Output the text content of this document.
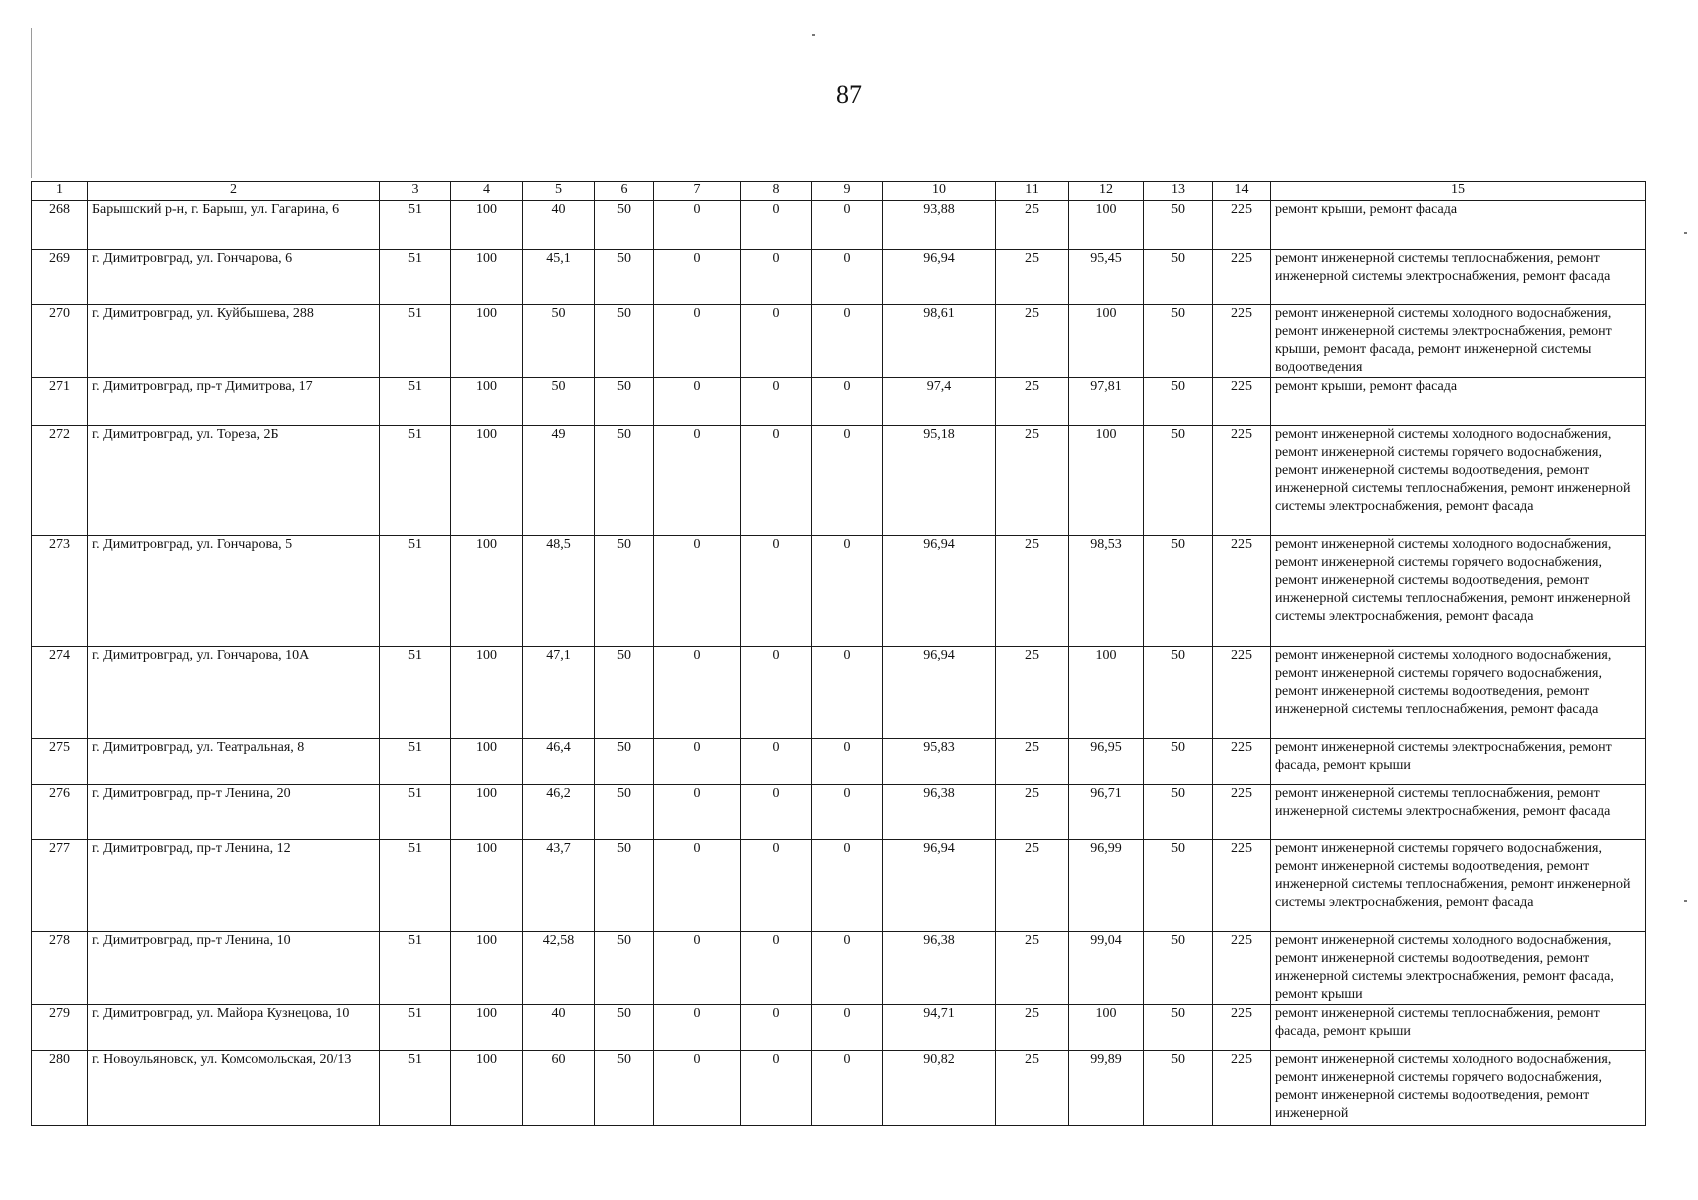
87
1	2	3	4	5	6	7	8	9	10	11	12	13	14	15
268	Барышский р-н, г. Барыш, ул. Гагарина, 6	51	100	40	50	0	0	0	93,88	25	100	50	225	ремонт крыши, ремонт фасада
269	г. Димитровград, ул. Гончарова, 6	51	100	45,1	50	0	0	0	96,94	25	95,45	50	225	ремонт инженерной системы теплоснабжения, ремонт инженерной системы электроснабжения, ремонт фасада
270	г. Димитровград, ул. Куйбышева, 288	51	100	50	50	0	0	0	98,61	25	100	50	225	ремонт инженерной системы холодного водоснабжения, ремонт инженерной системы электроснабжения, ремонт крыши, ремонт фасада, ремонт инженерной системы водоотведения
271	г. Димитровград, пр-т Димитрова, 17	51	100	50	50	0	0	0	97,4	25	97,81	50	225	ремонт крыши, ремонт фасада
272	г. Димитровград, ул. Тореза, 2Б	51	100	49	50	0	0	0	95,18	25	100	50	225	ремонт инженерной системы холодного водоснабжения, ремонт инженерной системы горячего водоснабжения, ремонт инженерной системы водоотведения, ремонт инженерной системы теплоснабжения, ремонт инженерной системы электроснабжения, ремонт фасада
273	г. Димитровград, ул. Гончарова, 5	51	100	48,5	50	0	0	0	96,94	25	98,53	50	225	ремонт инженерной системы холодного водоснабжения, ремонт инженерной системы горячего водоснабжения, ремонт инженерной системы водоотведения, ремонт инженерной системы теплоснабжения, ремонт инженерной системы электроснабжения, ремонт фасада
274	г. Димитровград, ул. Гончарова, 10А	51	100	47,1	50	0	0	0	96,94	25	100	50	225	ремонт инженерной системы холодного водоснабжения, ремонт инженерной системы горячего водоснабжения, ремонт инженерной системы водоотведения, ремонт инженерной системы теплоснабжения, ремонт фасада
275	г. Димитровград, ул. Театральная, 8	51	100	46,4	50	0	0	0	95,83	25	96,95	50	225	ремонт инженерной системы электроснабжения, ремонт фасада, ремонт крыши
276	г. Димитровград, пр-т Ленина, 20	51	100	46,2	50	0	0	0	96,38	25	96,71	50	225	ремонт инженерной системы теплоснабжения, ремонт инженерной системы электроснабжения, ремонт фасада
277	г. Димитровград, пр-т Ленина, 12	51	100	43,7	50	0	0	0	96,94	25	96,99	50	225	ремонт инженерной системы горячего водоснабжения, ремонт инженерной системы водоотведения, ремонт инженерной системы теплоснабжения, ремонт инженерной системы электроснабжения, ремонт фасада
278	г. Димитровград, пр-т Ленина, 10	51	100	42,58	50	0	0	0	96,38	25	99,04	50	225	ремонт инженерной системы холодного водоснабжения, ремонт инженерной системы водоотведения, ремонт инженерной системы электроснабжения, ремонт фасада, ремонт крыши
279	г. Димитровград, ул. Майора Кузнецова, 10	51	100	40	50	0	0	0	94,71	25	100	50	225	ремонт инженерной системы теплоснабжения, ремонт фасада, ремонт крыши
280	г. Новоульяновск, ул. Комсомольская, 20/13	51	100	60	50	0	0	0	90,82	25	99,89	50	225	ремонт инженерной системы холодного водоснабжения, ремонт инженерной системы горячего водоснабжения, ремонт инженерной системы водоотведения, ремонт инженерной
